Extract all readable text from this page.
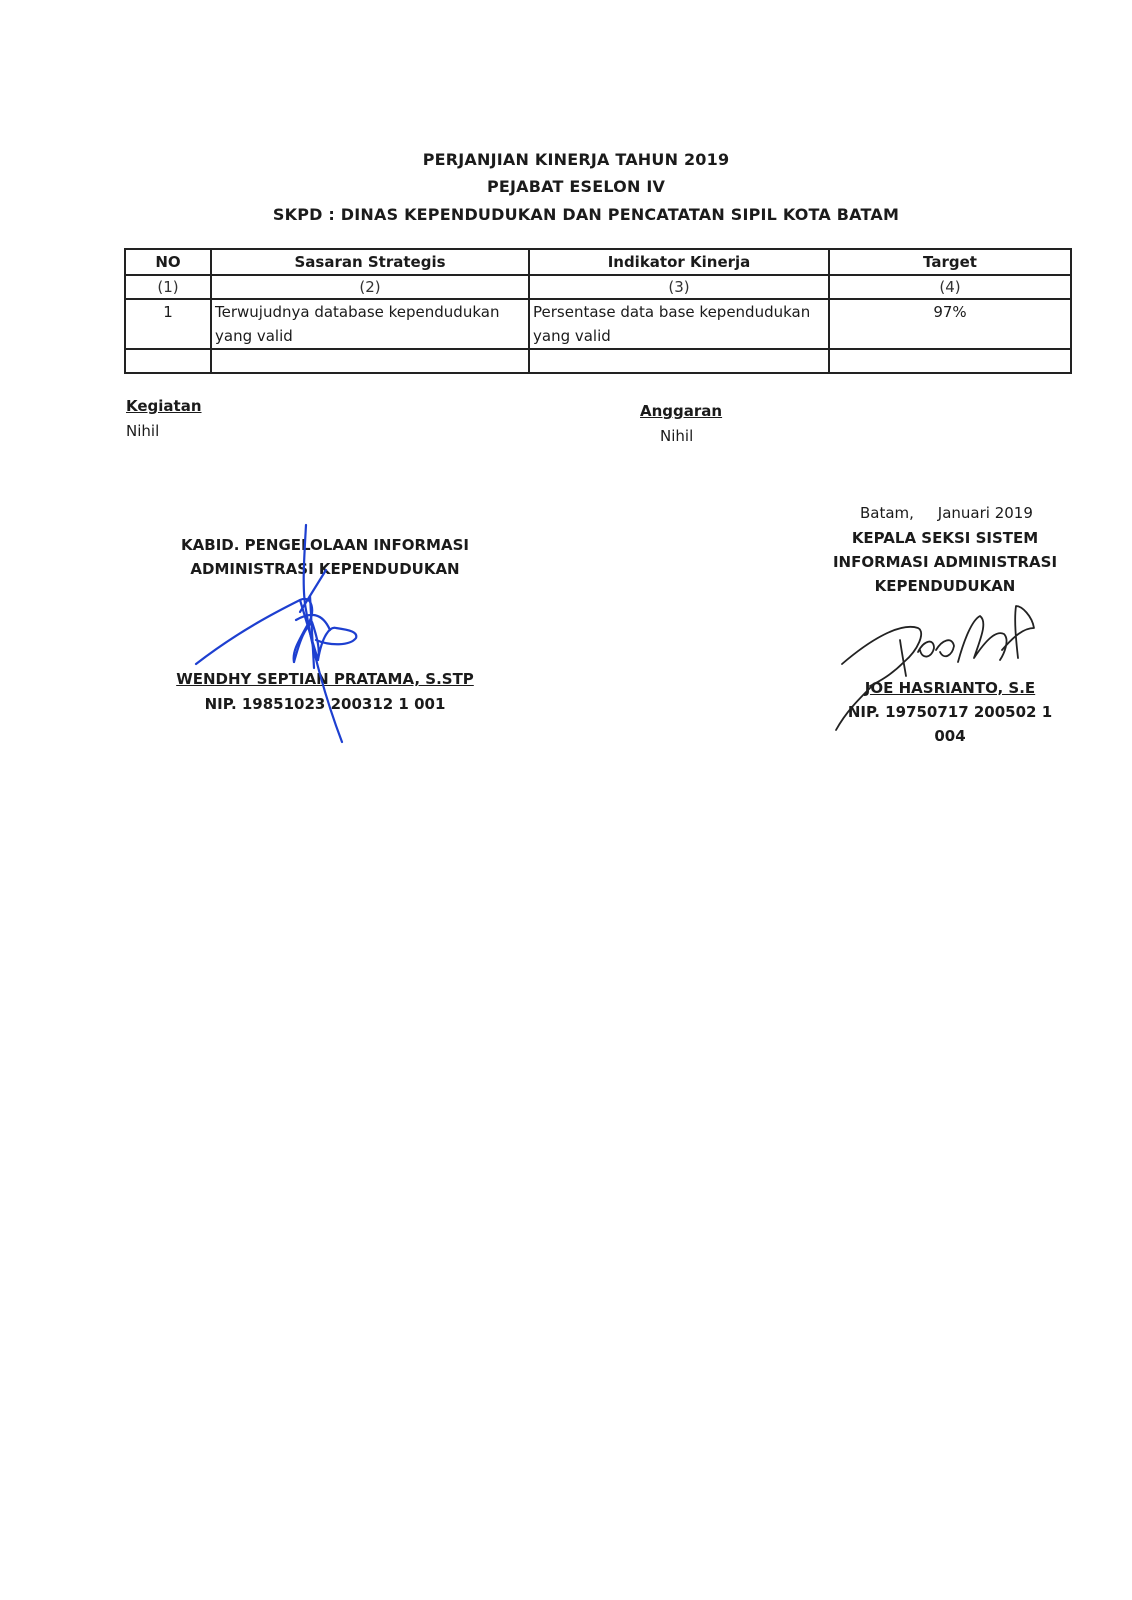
PERJANJIAN KINERJA TAHUN 2019
PEJABAT ESELON IV
SKPD : DINAS KEPENDUDUKAN DAN PENCATATAN SIPIL KOTA BATAM
NO	Sasaran Strategis	Indikator Kinerja	Target
(1)	(2)	(3)	(4)
1	Terwujudnya database kependudukan yang valid	Persentase data base kependudukan yang valid	97%

Kegiatan
Nihil
Anggaran
Nihil
Batam,     Januari 2019
KABID. PENGELOLAAN INFORMASI
ADMINISTRASI KEPENDUDUKAN
WENDHY SEPTIAN PRATAMA, S.STP
NIP. 19851023 200312 1 001
KEPALA SEKSI SISTEM
INFORMASI ADMINISTRASI
KEPENDUDUKAN
JOE HASRIANTO, S.E
NIP. 19750717 200502 1 004
